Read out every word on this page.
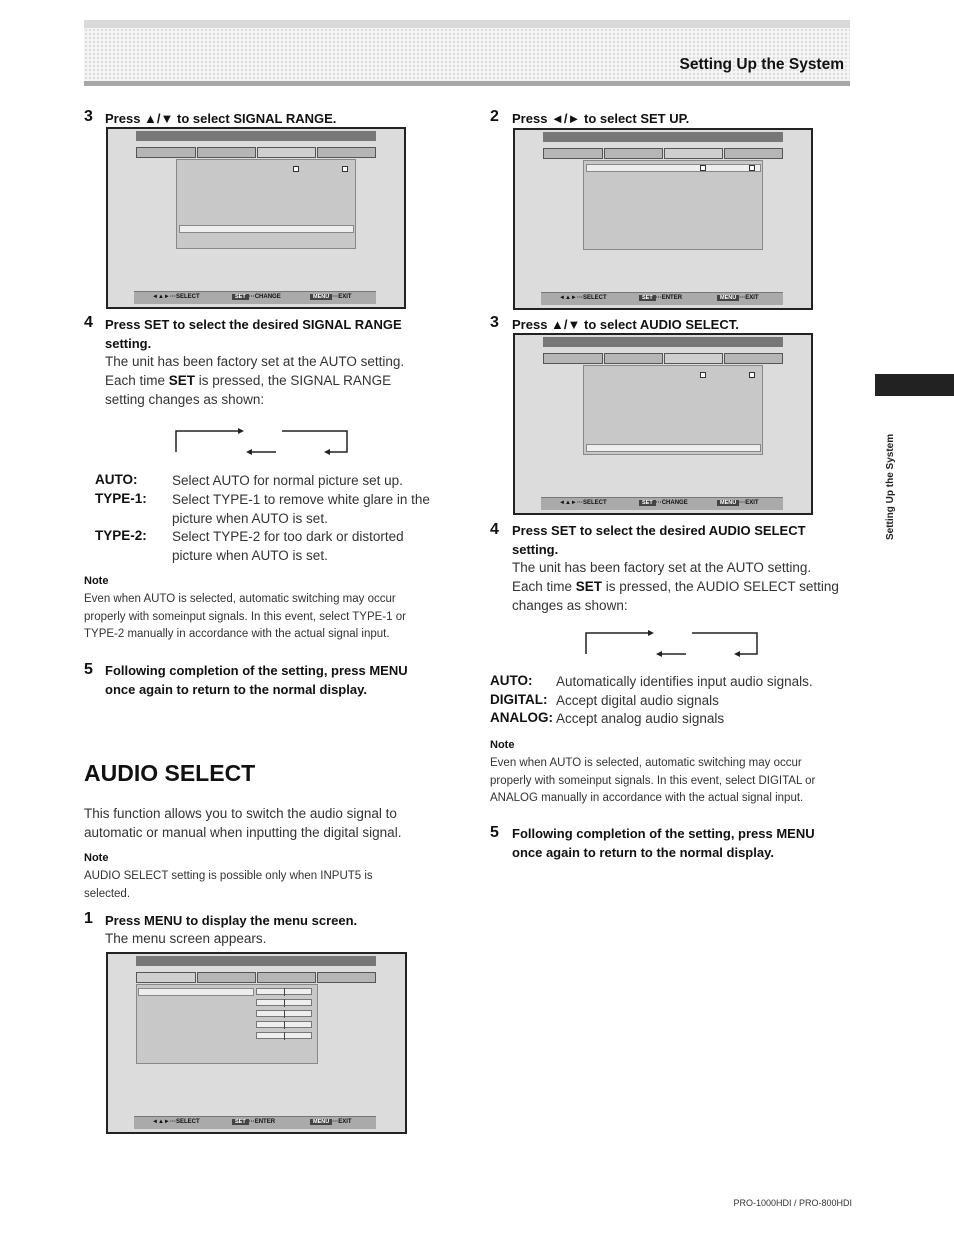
Setting Up the System
Setting Up the System
3 Press ▲/▼ to select SIGNAL RANGE.
◄▲► ···SELECT	SET ···CHANGE	MENU ···EXIT
4 Press SET to select the desired SIGNAL RANGE setting.
The unit has been factory set at the AUTO setting.
Each time SET is pressed, the SIGNAL RANGE
setting changes as shown:
AUTO:	Select AUTO for normal picture set up.
TYPE-1: Select TYPE-1 to remove white glare in the
picture when AUTO is set.
TYPE-2: Select TYPE-2 for too dark or distorted
picture when AUTO is set.
Note
Even when AUTO is selected, automatic switching may occur
properly with someinput signals. In this event, select TYPE-1 or
TYPE-2 manually in accordance with the actual signal input.
5 Following completion of the setting, press MENU
once again to return to the normal display.
AUDIO SELECT
This function allows you to switch the audio signal to
automatic or manual when inputting the digital signal.
Note
AUDIO SELECT setting is possible only when INPUT5 is
selected.
1 Press MENU to display the menu screen.
The menu screen appears.
◄▲► ···SELECT	SET ···ENTER	MENU ···EXIT
2 Press ◄/► to select SET UP.
◄▲► ···SELECT	SET ···ENTER	MENU ···EXIT
3 Press ▲/▼ to select AUDIO SELECT.
◄▲► ···SELECT	SET ···CHANGE	MENU ···EXIT
4 Press SET to select the desired AUDIO SELECT setting.
The unit has been factory set at the AUTO setting.
Each time SET is pressed, the AUDIO SELECT setting
changes as shown:
AUTO: Automatically identifies input audio signals.
DIGITAL: Accept digital audio signals
ANALOG: Accept analog audio signals
Note
Even when AUTO is selected, automatic switching may occur
properly with someinput signals. In this event, select DIGITAL or
ANALOG manually in accordance with the actual signal input.
5 Following completion of the setting, press MENU
once again to return to the normal display.
PRO-1000HDI / PRO-800HDI
